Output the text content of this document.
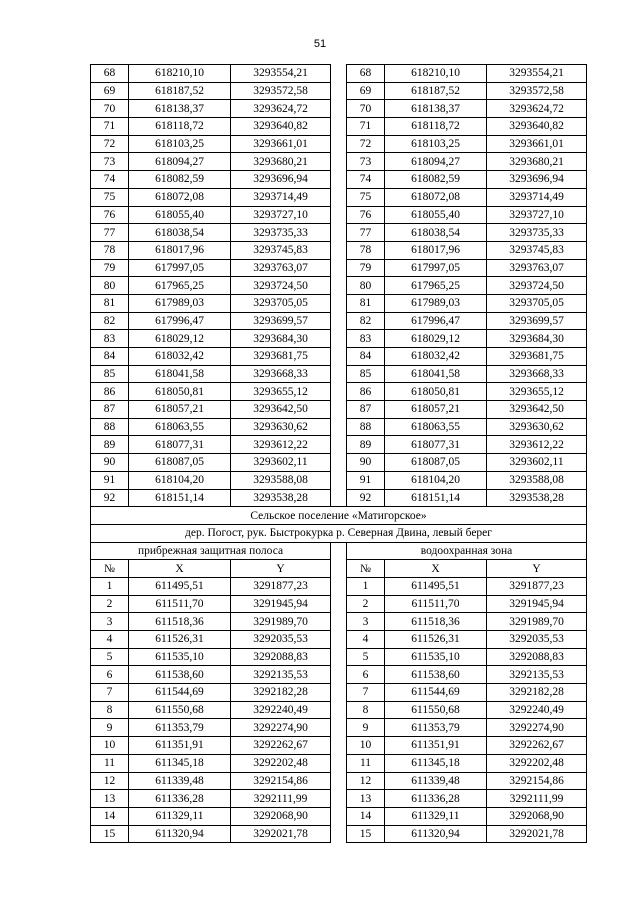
51
68	618210,10	3293554,21		68	618210,10	3293554,21
69	618187,52	3293572,58		69	618187,52	3293572,58
70	618138,37	3293624,72		70	618138,37	3293624,72
71	618118,72	3293640,82		71	618118,72	3293640,82
72	618103,25	3293661,01		72	618103,25	3293661,01
73	618094,27	3293680,21		73	618094,27	3293680,21
74	618082,59	3293696,94		74	618082,59	3293696,94
75	618072,08	3293714,49		75	618072,08	3293714,49
76	618055,40	3293727,10		76	618055,40	3293727,10
77	618038,54	3293735,33		77	618038,54	3293735,33
78	618017,96	3293745,83		78	618017,96	3293745,83
79	617997,05	3293763,07		79	617997,05	3293763,07
80	617965,25	3293724,50		80	617965,25	3293724,50
81	617989,03	3293705,05		81	617989,03	3293705,05
82	617996,47	3293699,57		82	617996,47	3293699,57
83	618029,12	3293684,30		83	618029,12	3293684,30
84	618032,42	3293681,75		84	618032,42	3293681,75
85	618041,58	3293668,33		85	618041,58	3293668,33
86	618050,81	3293655,12		86	618050,81	3293655,12
87	618057,21	3293642,50		87	618057,21	3293642,50
88	618063,55	3293630,62		88	618063,55	3293630,62
89	618077,31	3293612,22		89	618077,31	3293612,22
90	618087,05	3293602,11		90	618087,05	3293602,11
91	618104,20	3293588,08		91	618104,20	3293588,08
92	618151,14	3293538,28		92	618151,14	3293538,28
Сельское поселение «Матигорское»						
дер. Погост, рук. Быстрокурка р. Северная Двина, левый берег						
прибрежная защитная полоса				водоохранная зона		
№	X	Y		№	X	Y
1	611495,51	3291877,23		1	611495,51	3291877,23
2	611511,70	3291945,94		2	611511,70	3291945,94
3	611518,36	3291989,70		3	611518,36	3291989,70
4	611526,31	3292035,53		4	611526,31	3292035,53
5	611535,10	3292088,83		5	611535,10	3292088,83
6	611538,60	3292135,53		6	611538,60	3292135,53
7	611544,69	3292182,28		7	611544,69	3292182,28
8	611550,68	3292240,49		8	611550,68	3292240,49
9	611353,79	3292274,90		9	611353,79	3292274,90
10	611351,91	3292262,67		10	611351,91	3292262,67
11	611345,18	3292202,48		11	611345,18	3292202,48
12	611339,48	3292154,86		12	611339,48	3292154,86
13	611336,28	3292111,99		13	611336,28	3292111,99
14	611329,11	3292068,90		14	611329,11	3292068,90
15	611320,94	3292021,78		15	611320,94	3292021,78
